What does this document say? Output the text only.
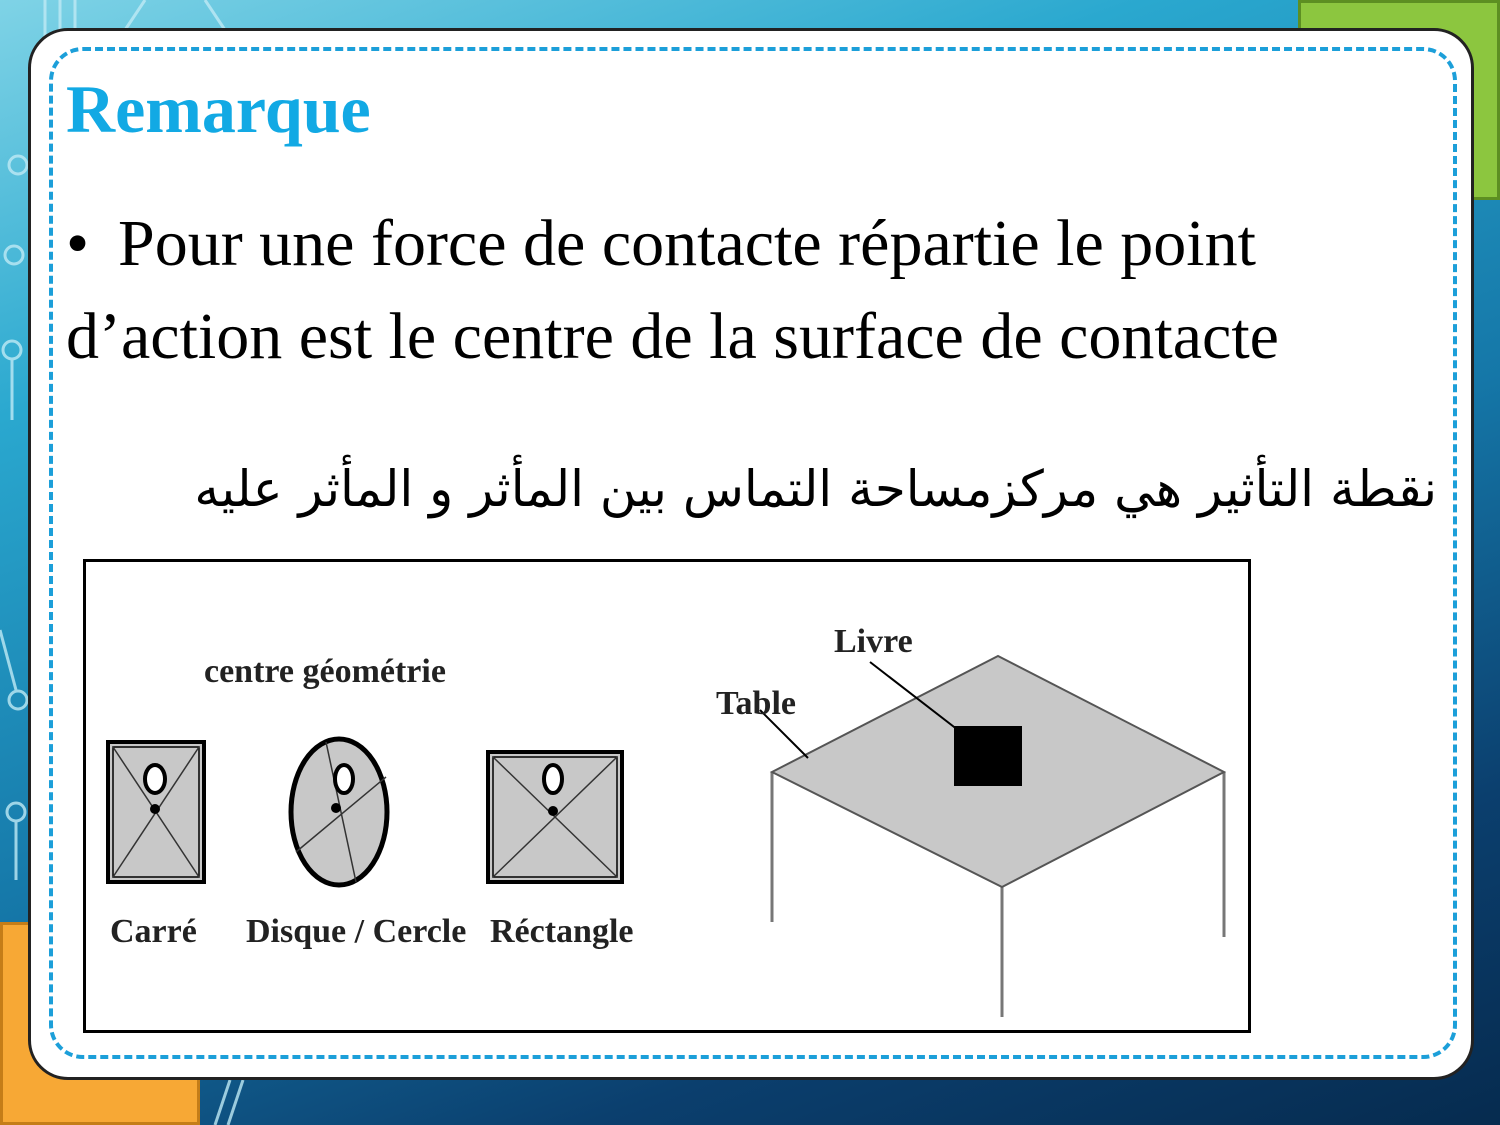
Remarque

• Pour une force de contacte répartie le point d’action est le centre de la surface de contacte

نقطة التأثير هي مركزمساحة التماس بين المأثر و المأثر عليه

centre géométrie
Carré Disque / Cercle Réctangle
Livre
Table
